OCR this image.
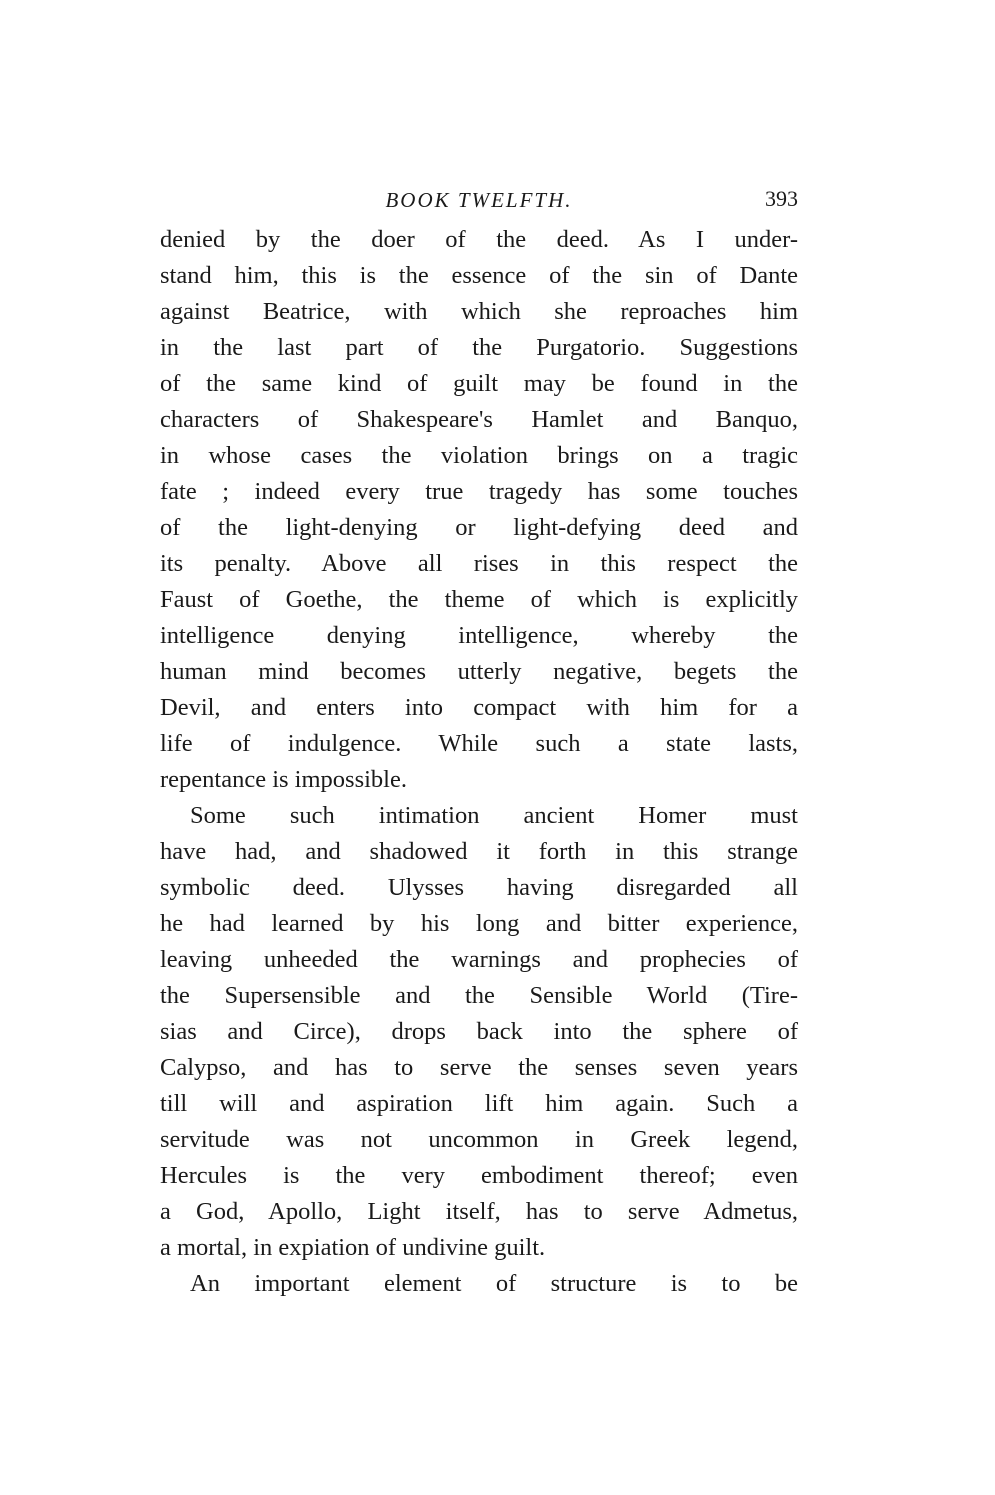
BOOK TWELFTH.	393
denied by the doer of the deed. As I under-
stand him, this is the essence of the sin of Dante
against Beatrice, with which she reproaches him
in the last part of the Purgatorio. Suggestions
of the same kind of guilt may be found in the
characters of Shakespeare's Hamlet and Banquo,
in whose cases the violation brings on a tragic
fate ; indeed every true tragedy has some touches
of the light-denying or light-defying deed and
its penalty. Above all rises in this respect the
Faust of Goethe, the theme of which is explicitly
intelligence denying intelligence, whereby the
human mind becomes utterly negative, begets the
Devil, and enters into compact with him for a
life of indulgence. While such a state lasts,
repentance is impossible.
Some such intimation ancient Homer must
have had, and shadowed it forth in this strange
symbolic deed. Ulysses having disregarded all
he had learned by his long and bitter experience,
leaving unheeded the warnings and prophecies of
the Supersensible and the Sensible World (Tire-
sias and Circe), drops back into the sphere of
Calypso, and has to serve the senses seven years
till will and aspiration lift him again. Such a
servitude was not uncommon in Greek legend,
Hercules is the very embodiment thereof; even
a God, Apollo, Light itself, has to serve Admetus,
a mortal, in expiation of undivine guilt.
An important element of structure is to be
